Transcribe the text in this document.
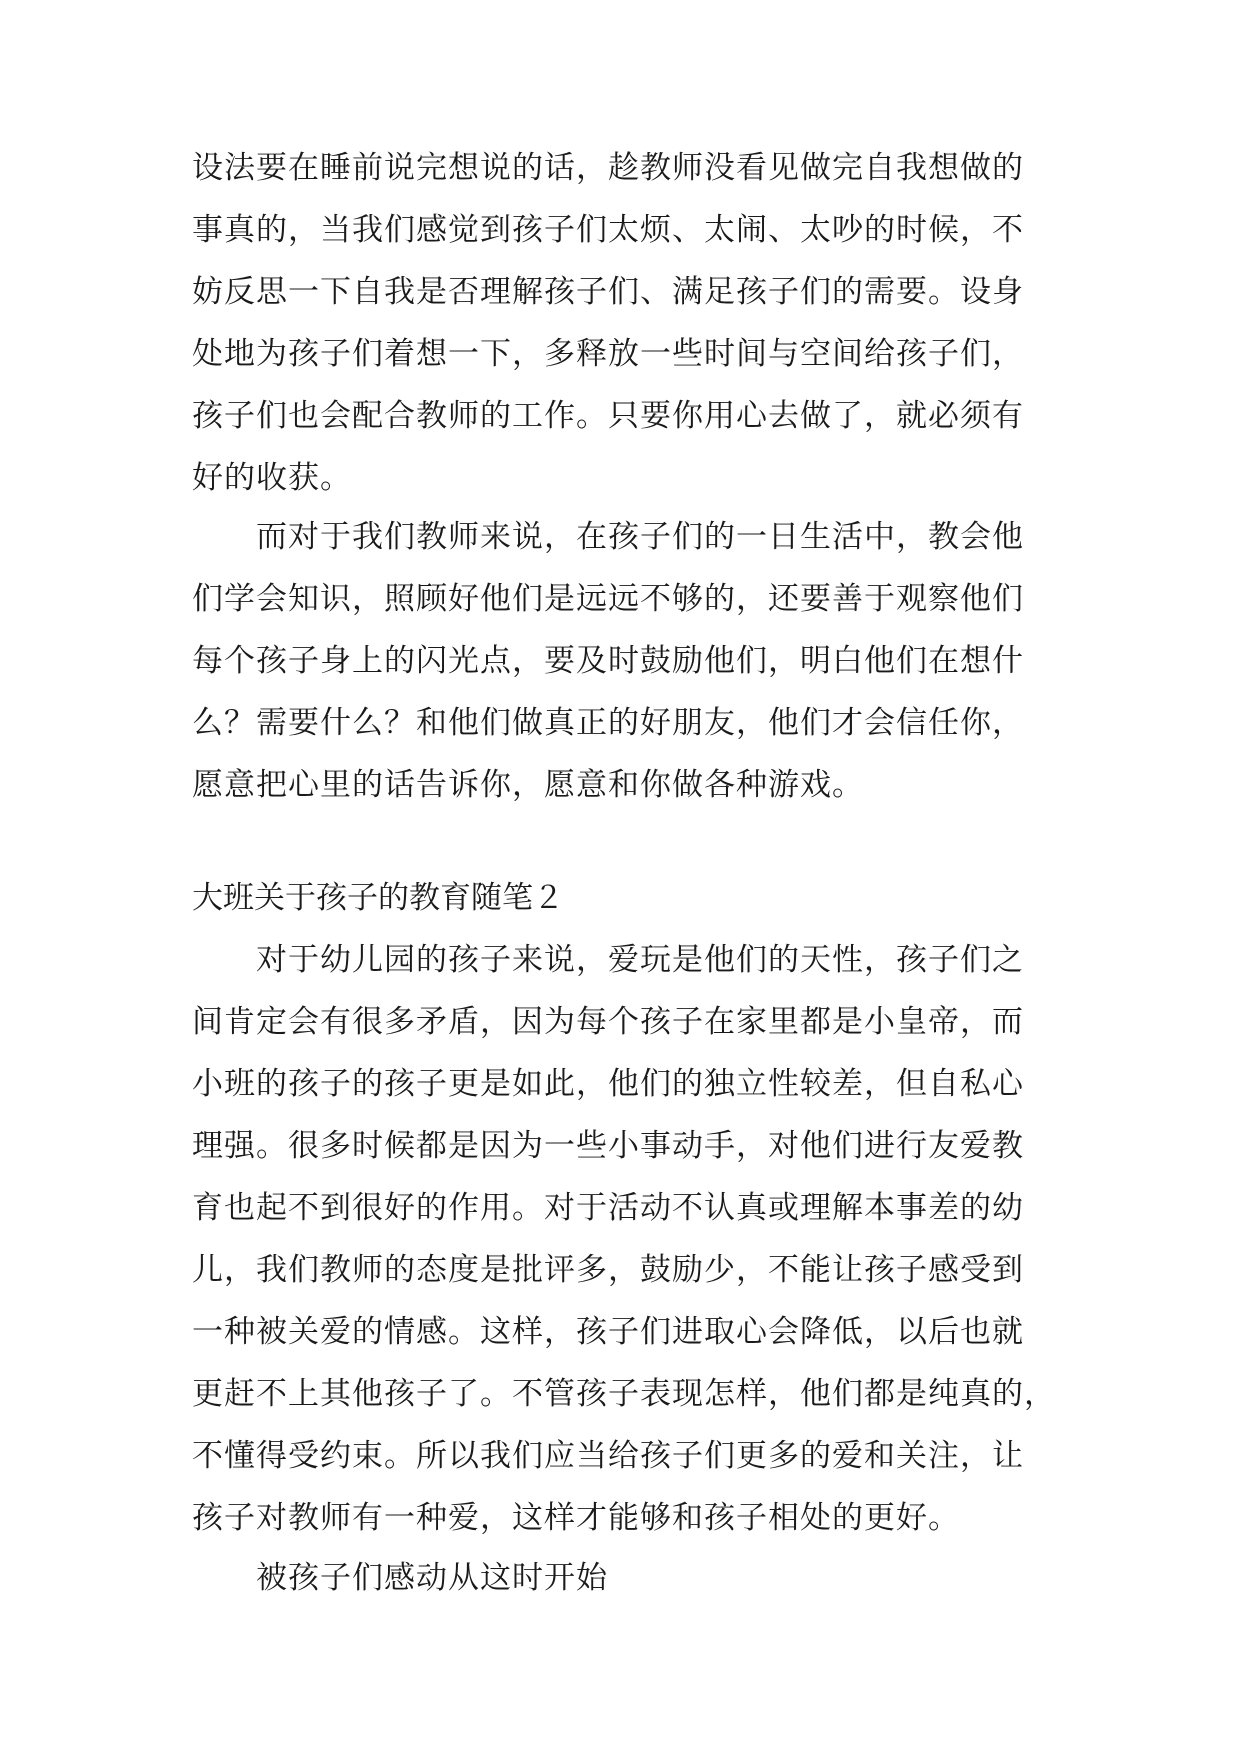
设法要在睡前说完想说的话，趁教师没看见做完自我想做的
事真的，当我们感觉到孩子们太烦、太闹、太吵的时候，不
妨反思一下自我是否理解孩子们、满足孩子们的需要。设身
处地为孩子们着想一下，多释放一些时间与空间给孩子们，
孩子们也会配合教师的工作。只要你用心去做了，就必须有
好的收获。
　　而对于我们教师来说，在孩子们的一日生活中，教会他
们学会知识，照顾好他们是远远不够的，还要善于观察他们
每个孩子身上的闪光点，要及时鼓励他们，明白他们在想什
么？需要什么？和他们做真正的好朋友，他们才会信任你，
愿意把心里的话告诉你，愿意和你做各种游戏。
大班关于孩子的教育随笔２
　　对于幼儿园的孩子来说，爱玩是他们的天性，孩子们之
间肯定会有很多矛盾，因为每个孩子在家里都是小皇帝，而
小班的孩子的孩子更是如此，他们的独立性较差，但自私心
理强。很多时候都是因为一些小事动手，对他们进行友爱教
育也起不到很好的作用。对于活动不认真或理解本事差的幼
儿，我们教师的态度是批评多，鼓励少，不能让孩子感受到
一种被关爱的情感。这样，孩子们进取心会降低，以后也就
更赶不上其他孩子了。不管孩子表现怎样，他们都是纯真的，
不懂得受约束。所以我们应当给孩子们更多的爱和关注，让
孩子对教师有一种爱，这样才能够和孩子相处的更好。
　　被孩子们感动从这时开始
